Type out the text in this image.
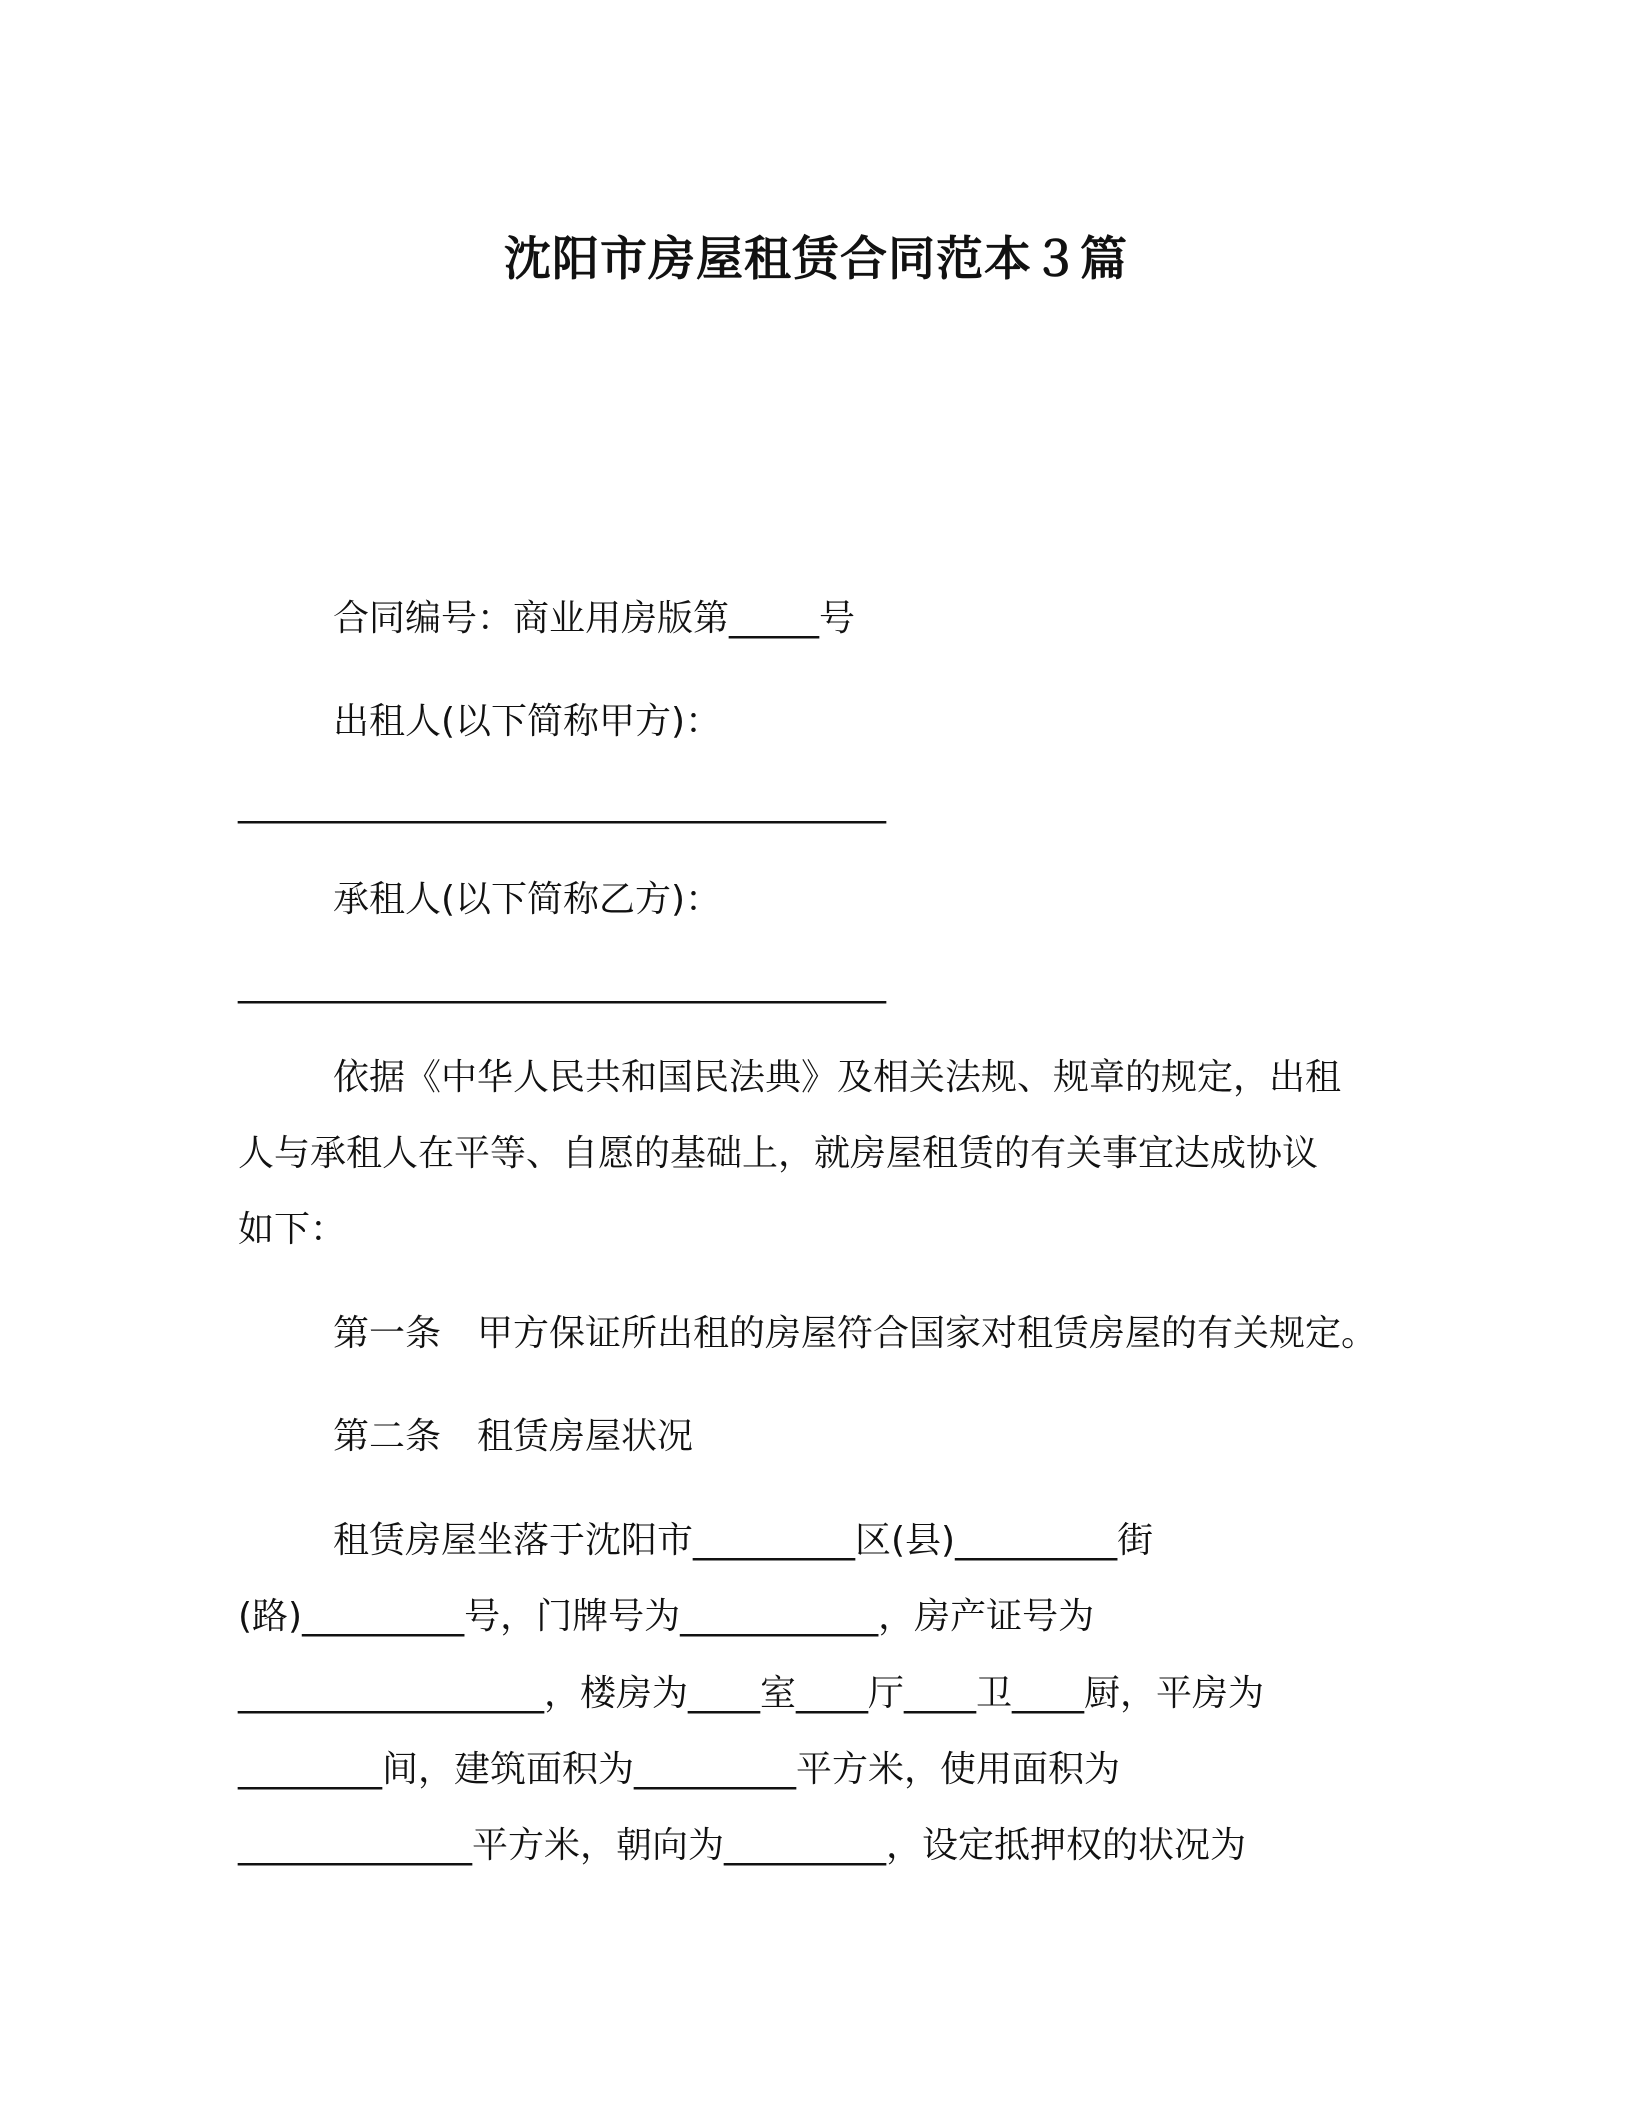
沈阳市房屋租赁合同范本３篇
合同编号：商业用房版第_____号
出租人(以下简称甲方)：
____________________________________
承租人(以下简称乙方)：
____________________________________
依据《中华人民共和国民法典》及相关法规、规章的规定，出租
人与承租人在平等、自愿的基础上，就房屋租赁的有关事宜达成协议
如下：
第一条　甲方保证所出租的房屋符合国家对租赁房屋的有关规定。
第二条　租赁房屋状况
租赁房屋坐落于沈阳市_________区(县)_________街
(路)_________号，门牌号为___________，房产证号为
_________________，楼房为____室____厅____卫____厨，平房为
________间，建筑面积为_________平方米，使用面积为
_____________平方米，朝向为_________，设定抵押权的状况为
